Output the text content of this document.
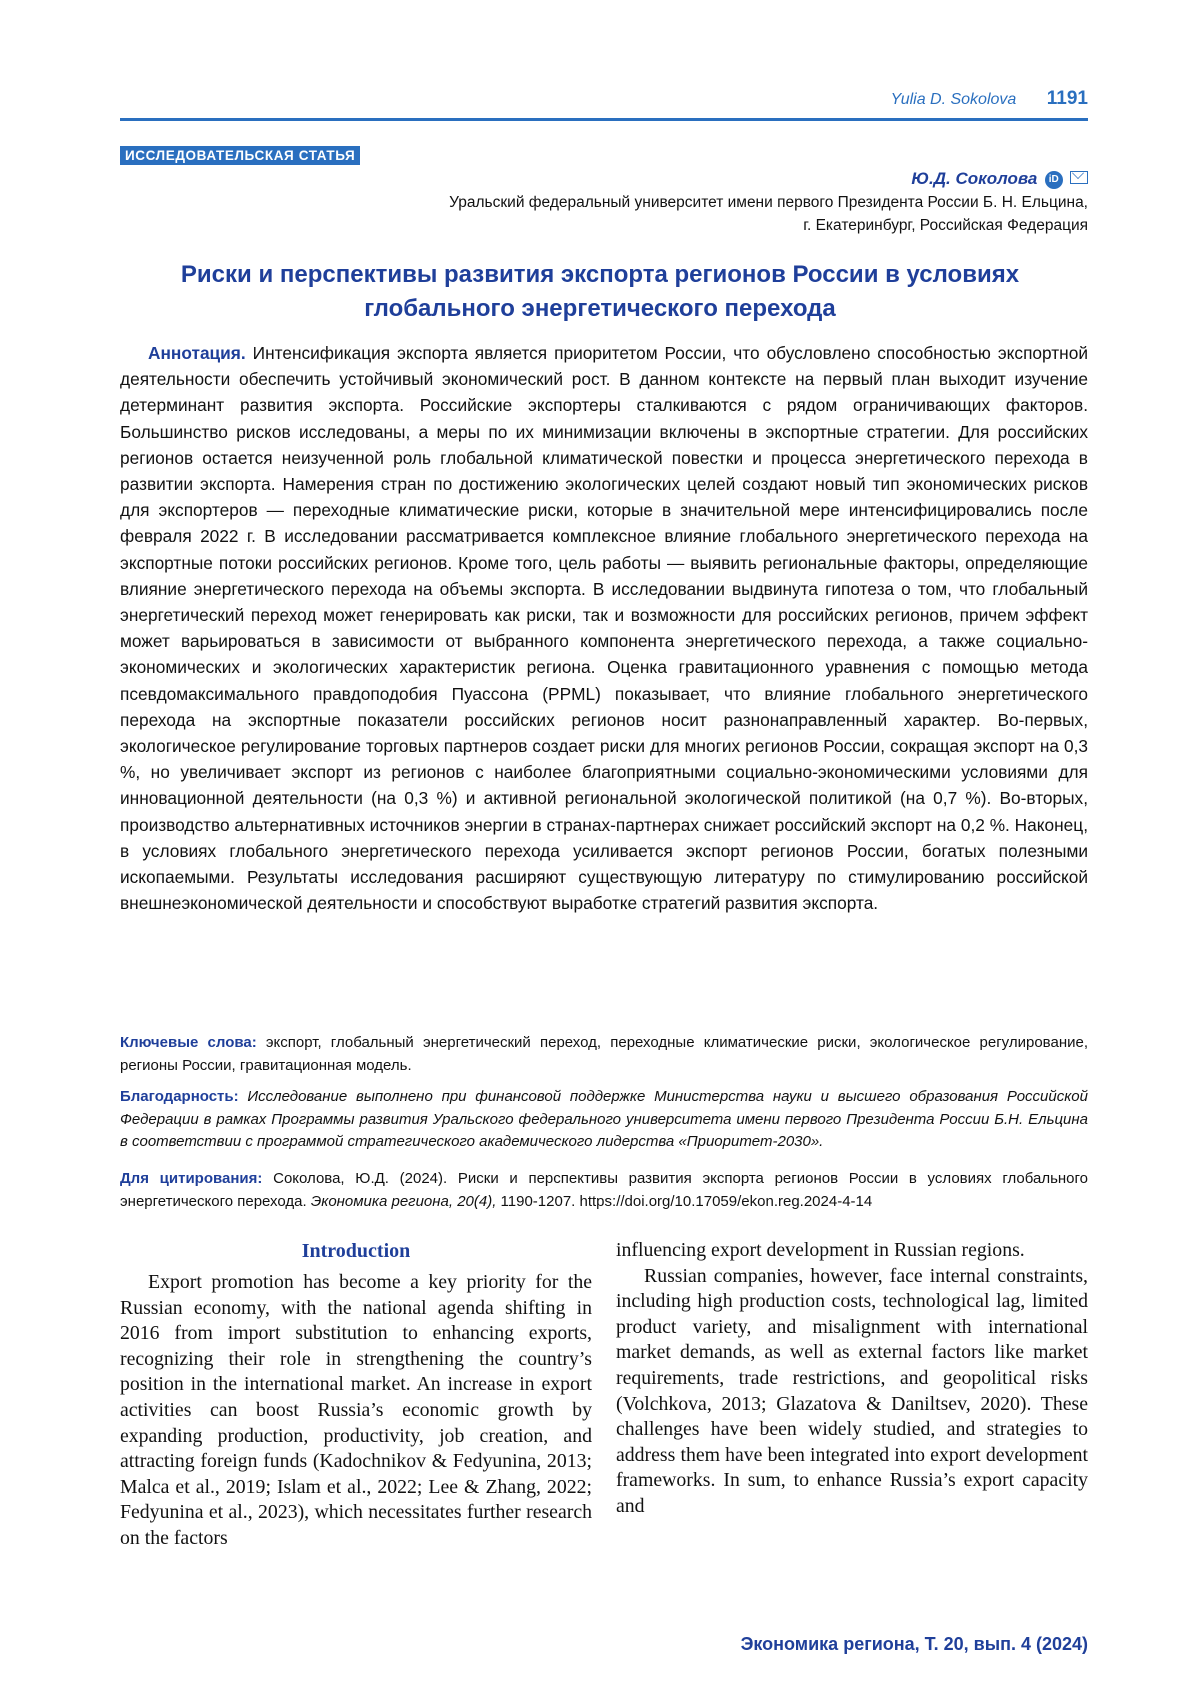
Yulia D. Sokolova 1191
ИССЛЕДОВАТЕЛЬСКАЯ СТАТЬЯ
Ю.Д. Соколова iD
Уральский федеральный университет имени первого Президента России Б. Н. Ельцина,
г. Екатеринбург, Российская Федерация
Риски и перспективы развития экспорта регионов России в условиях глобального энергетического перехода

Аннотация. Интенсификация экспорта является приоритетом России, что обусловлено способностью экспортной деятельности обеспечить устойчивый экономический рост. В данном контексте на первый план выходит изучение детерминант развития экспорта. Российские экспортеры сталкиваются с рядом ограничивающих факторов. Большинство рисков исследованы, а меры по их минимизации включены в экспортные стратегии. Для российских регионов остается неизученной роль глобальной климатической повестки и процесса энергетического перехода в развитии экспорта. Намерения стран по достижению экологических целей создают новый тип экономических рисков для экспортеров — переходные климатические риски, которые в значительной мере интенсифицировались после февраля 2022 г. В исследовании рассматривается комплексное влияние глобального энергетического перехода на экспортные потоки российских регионов. Кроме того, цель работы — выявить региональные факторы, определяющие влияние энергетического перехода на объемы экспорта. В исследовании выдвинута гипотеза о том, что глобальный энергетический переход может генерировать как риски, так и возможности для российских регионов, причем эффект может варьироваться в зависимости от выбранного компонента энергетического перехода, а также социально-экономических и экологических характеристик региона. Оценка гравитационного уравнения с помощью метода псевдомаксимального правдоподобия Пуассона (PPML) показывает, что влияние глобального энергетического перехода на экспортные показатели российских регионов носит разнонаправленный характер. Во-первых, экологическое регулирование торговых партнеров создает риски для многих регионов России, сокращая экспорт на 0,3 %, но увеличивает экспорт из регионов с наиболее благоприятными социально-экономическими условиями для инновационной деятельности (на 0,3 %) и активной региональной экологической политикой (на 0,7 %). Во-вторых, производство альтернативных источников энергии в странах-партнерах снижает российский экспорт на 0,2 %. Наконец, в условиях глобального энергетического перехода усиливается экспорт регионов России, богатых полезными ископаемыми. Результаты исследования расширяют существующую литературу по стимулированию российской внешнеэкономической деятельности и способствуют выработке стратегий развития экспорта.

Ключевые слова: экспорт, глобальный энергетический переход, переходные климатические риски, экологическое регулирование, регионы России, гравитационная модель.
Благодарность: Исследование выполнено при финансовой поддержке Министерства науки и высшего образования Российской Федерации в рамках Программы развития Уральского федерального университета имени первого Президента России Б.Н. Ельцина в соответствии с программой стратегического академического лидерства «Приоритет-2030».
Для цитирования: Соколова, Ю.Д. (2024). Риски и перспективы развития экспорта регионов России в условиях глобального энергетического перехода. Экономика региона, 20(4), 1190-1207. https://doi.org/10.17059/ekon.reg.2024-4-14
Introduction

Export promotion has become a key priority for the Russian economy, with the national agenda shifting in 2016 from import substitution to enhancing exports, recognizing their role in strengthening the country’s position in the international market. An increase in export activities can boost Russia’s economic growth by expanding production, productivity, job creation, and attracting foreign funds (Kadochnikov & Fedyunina, 2013; Malca et al., 2019; Islam et al., 2022; Lee & Zhang, 2022; Fedyunina et al., 2023), which necessitates further research on the factors

influencing export development in Russian regions.

Russian companies, however, face internal constraints, including high production costs, technological lag, limited product variety, and misalignment with international market demands, as well as external factors like market requirements, trade restrictions, and geopolitical risks (Volchkova, 2013; Glazatova & Daniltsev, 2020). These challenges have been widely studied, and strategies to address them have been integrated into export development frameworks. In sum, to enhance Russia’s export capacity and

Экономика региона, Т. 20, вып. 4 (2024)
